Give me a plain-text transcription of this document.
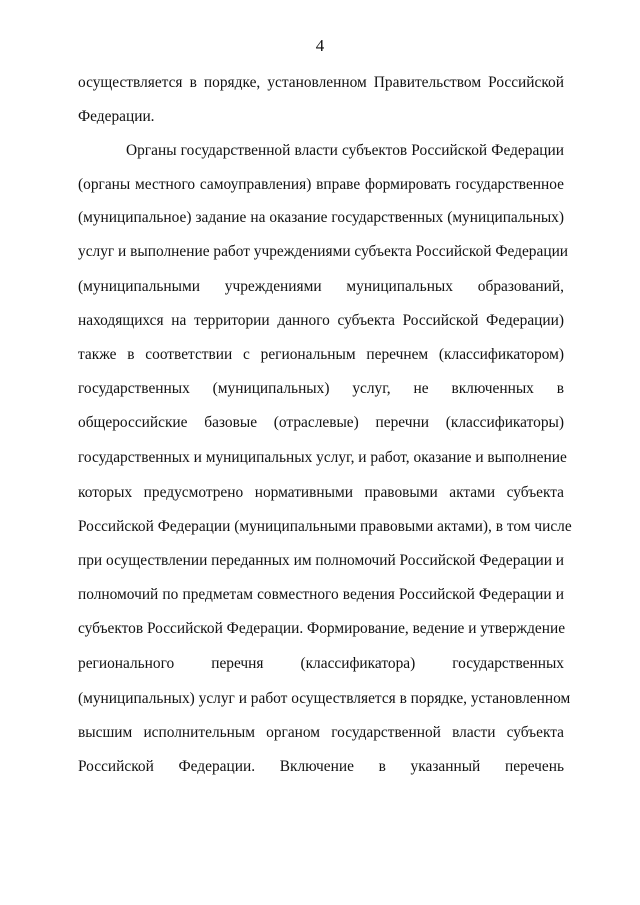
4
осуществляется в порядке, установленном Правительством Российской
Федерации.
Органы государственной власти субъектов Российской Федерации
(органы местного самоуправления) вправе формировать государственное
(муниципальное) задание на оказание государственных (муниципальных)
услуг и выполнение работ учреждениями субъекта Российской Федерации
(муниципальными учреждениями муниципальных образований,
находящихся на территории данного субъекта Российской Федерации)
также в соответствии с региональным перечнем (классификатором)
государственных (муниципальных) услуг, не включенных в
общероссийские базовые (отраслевые) перечни (классификаторы)
государственных и муниципальных услуг, и работ, оказание и выполнение
которых предусмотрено нормативными правовыми актами субъекта
Российской Федерации (муниципальными правовыми актами), в том числе
при осуществлении переданных им полномочий Российской Федерации и
полномочий по предметам совместного ведения Российской Федерации и
субъектов Российской Федерации. Формирование, ведение и утверждение
регионального перечня (классификатора) государственных
(муниципальных) услуг и работ осуществляется в порядке, установленном
высшим исполнительным органом государственной власти субъекта
Российской Федерации. Включение в указанный перечень
